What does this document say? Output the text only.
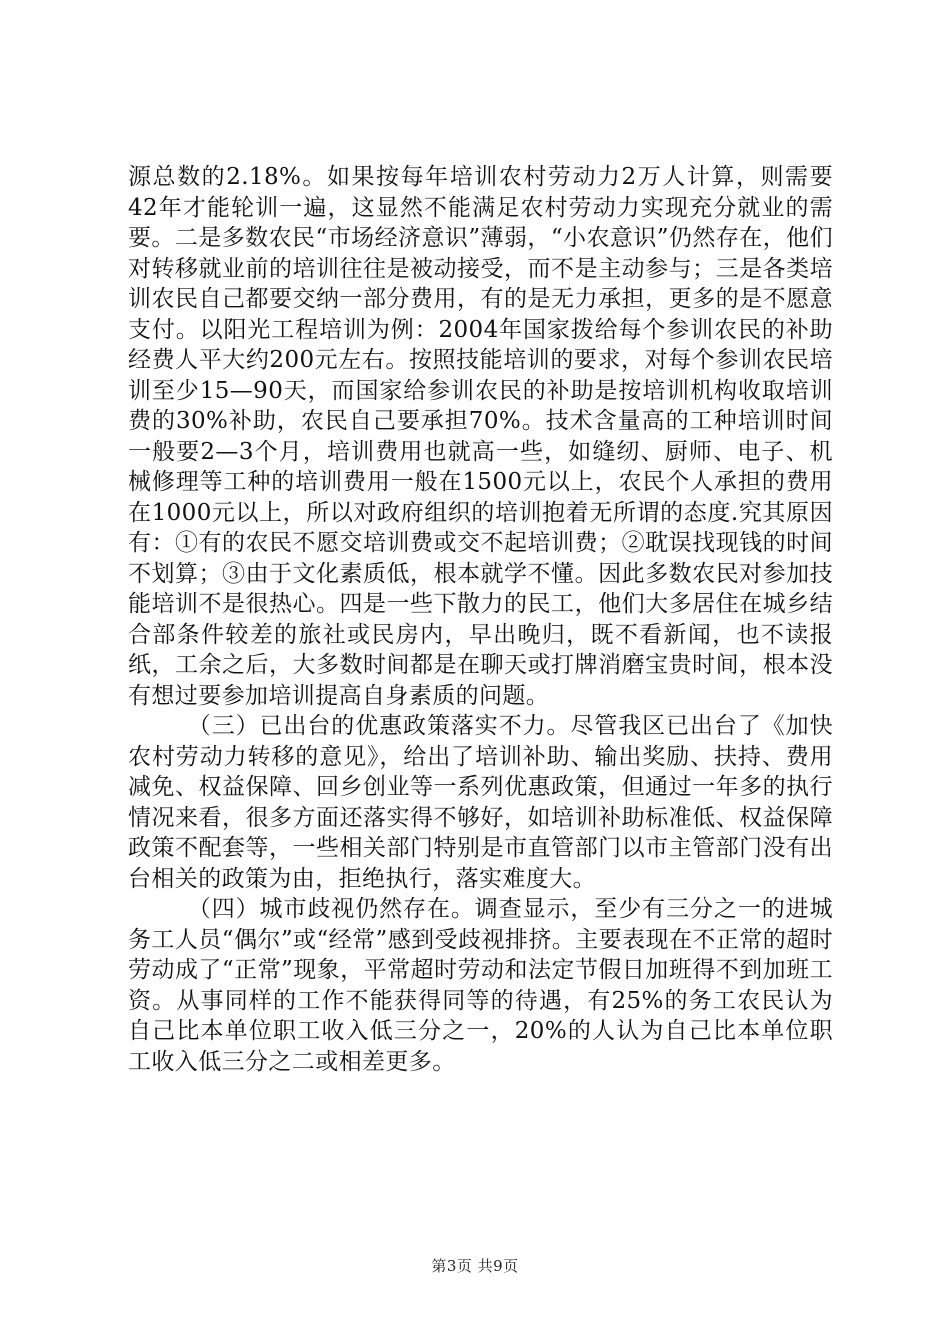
源总数的2.18%。如果按每年培训农村劳动力2万人计算，则需要42年才能轮训一遍，这显然不能满足农村劳动力实现充分就业的需要。二是多数农民“市场经济意识”薄弱，“小农意识”仍然存在，他们对转移就业前的培训往往是被动接受，而不是主动参与；三是各类培训农民自己都要交纳一部分费用，有的是无力承担，更多的是不愿意支付。以阳光工程培训为例：2004年国家拨给每个参训农民的补助经费人平大约200元左右。按照技能培训的要求，对每个参训农民培训至少15—90天，而国家给参训农民的补助是按培训机构收取培训费的30%补助，农民自己要承担70%。技术含量高的工种培训时间一般要2—3个月，培训费用也就高一些，如缝纫、厨师、电子、机械修理等工种的培训费用一般在1500元以上，农民个人承担的费用在1000元以上，所以对政府组织的培训抱着无所谓的态度.究其原因有：①有的农民不愿交培训费或交不起培训费；②耽误找现钱的时间不划算；③由于文化素质低，根本就学不懂。因此多数农民对参加技能培训不是很热心。四是一些下散力的民工，他们大多居住在城乡结合部条件较差的旅社或民房内，早出晚归，既不看新闻，也不读报纸，工余之后，大多数时间都是在聊天或打牌消磨宝贵时间，根本没有想过要参加培训提高自身素质的问题。

（三）已出台的优惠政策落实不力。尽管我区已出台了《加快农村劳动力转移的意见》，给出了培训补助、输出奖励、扶持、费用减免、权益保障、回乡创业等一系列优惠政策，但通过一年多的执行情况来看，很多方面还落实得不够好，如培训补助标准低、权益保障政策不配套等，一些相关部门特别是市直管部门以市主管部门没有出台相关的政策为由，拒绝执行，落实难度大。

（四）城市歧视仍然存在。调查显示，至少有三分之一的进城务工人员“偶尔”或“经常”感到受歧视排挤。主要表现在不正常的超时劳动成了“正常”现象，平常超时劳动和法定节假日加班得不到加班工资。从事同样的工作不能获得同等的待遇，有25%的务工农民认为自己比本单位职工收入低三分之一，20%的人认为自己比本单位职工收入低三分之二或相差更多。

第3页 共9页
